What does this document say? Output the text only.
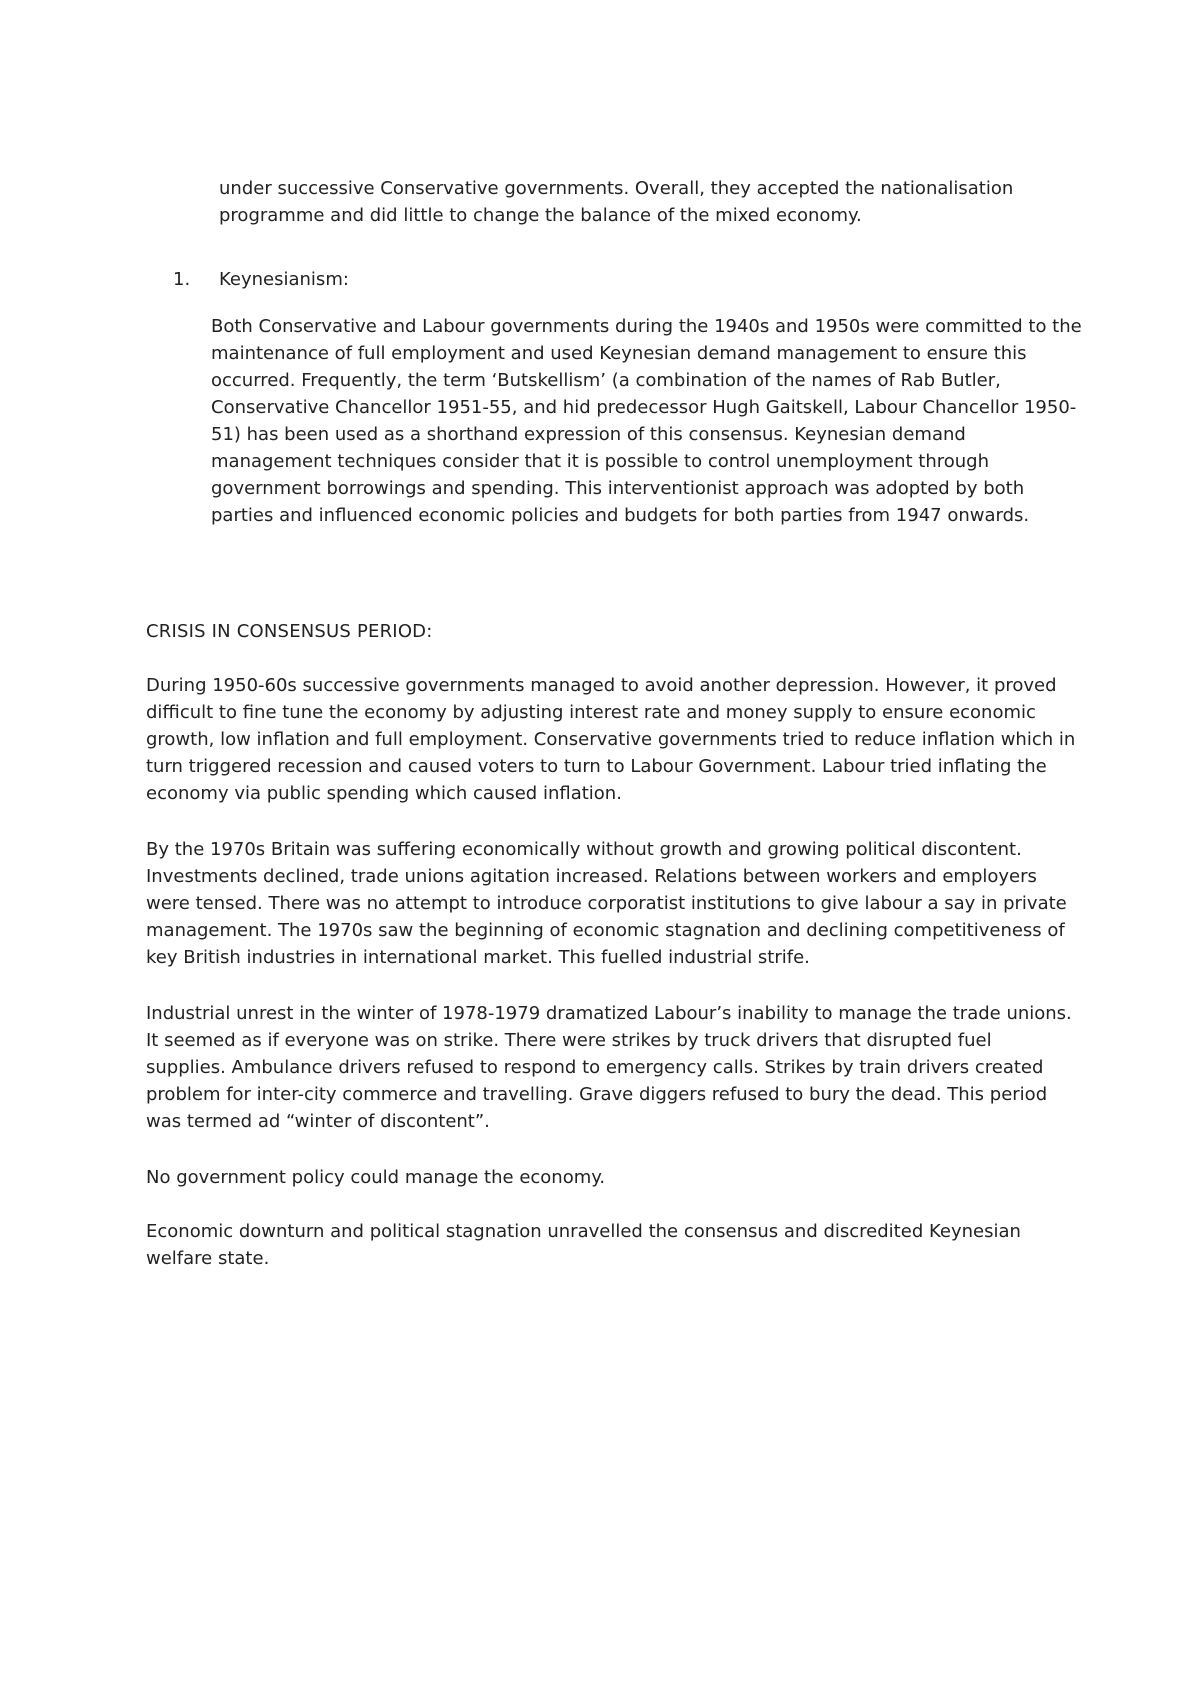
under successive Conservative governments. Overall, they accepted the nationalisation programme and did little to change the balance of the mixed economy.

1. Keynesianism:

Both Conservative and Labour governments during the 1940s and 1950s were committed to the maintenance of full employment and used Keynesian demand management to ensure this occurred. Frequently, the term ‘Butskellism’ (a combination of the names of Rab Butler, Conservative Chancellor 1951-55, and hid predecessor Hugh Gaitskell, Labour Chancellor 1950-51) has been used as a shorthand expression of this consensus. Keynesian demand management techniques consider that it is possible to control unemployment through government borrowings and spending. This interventionist approach was adopted by both parties and influenced economic policies and budgets for both parties from 1947 onwards.

CRISIS IN CONSENSUS PERIOD:

During 1950-60s successive governments managed to avoid another depression. However, it proved difficult to fine tune the economy by adjusting interest rate and money supply to ensure economic growth, low inflation and full employment. Conservative governments tried to reduce inflation which in turn triggered recession and caused voters to turn to Labour Government. Labour tried inflating the economy via public spending which caused inflation.

By the 1970s Britain was suffering economically without growth and growing political discontent. Investments declined, trade unions agitation increased. Relations between workers and employers were tensed. There was no attempt to introduce corporatist institutions to give labour a say in private management. The 1970s saw the beginning of economic stagnation and declining competitiveness of key British industries in international market. This fuelled industrial strife.

Industrial unrest in the winter of 1978-1979 dramatized Labour’s inability to manage the trade unions. It seemed as if everyone was on strike. There were strikes by truck drivers that disrupted fuel supplies. Ambulance drivers refused to respond to emergency calls. Strikes by train drivers created problem for inter-city commerce and travelling. Grave diggers refused to bury the dead. This period was termed ad “winter of discontent”.

No government policy could manage the economy.

Economic downturn and political stagnation unravelled the consensus and discredited Keynesian welfare state.
